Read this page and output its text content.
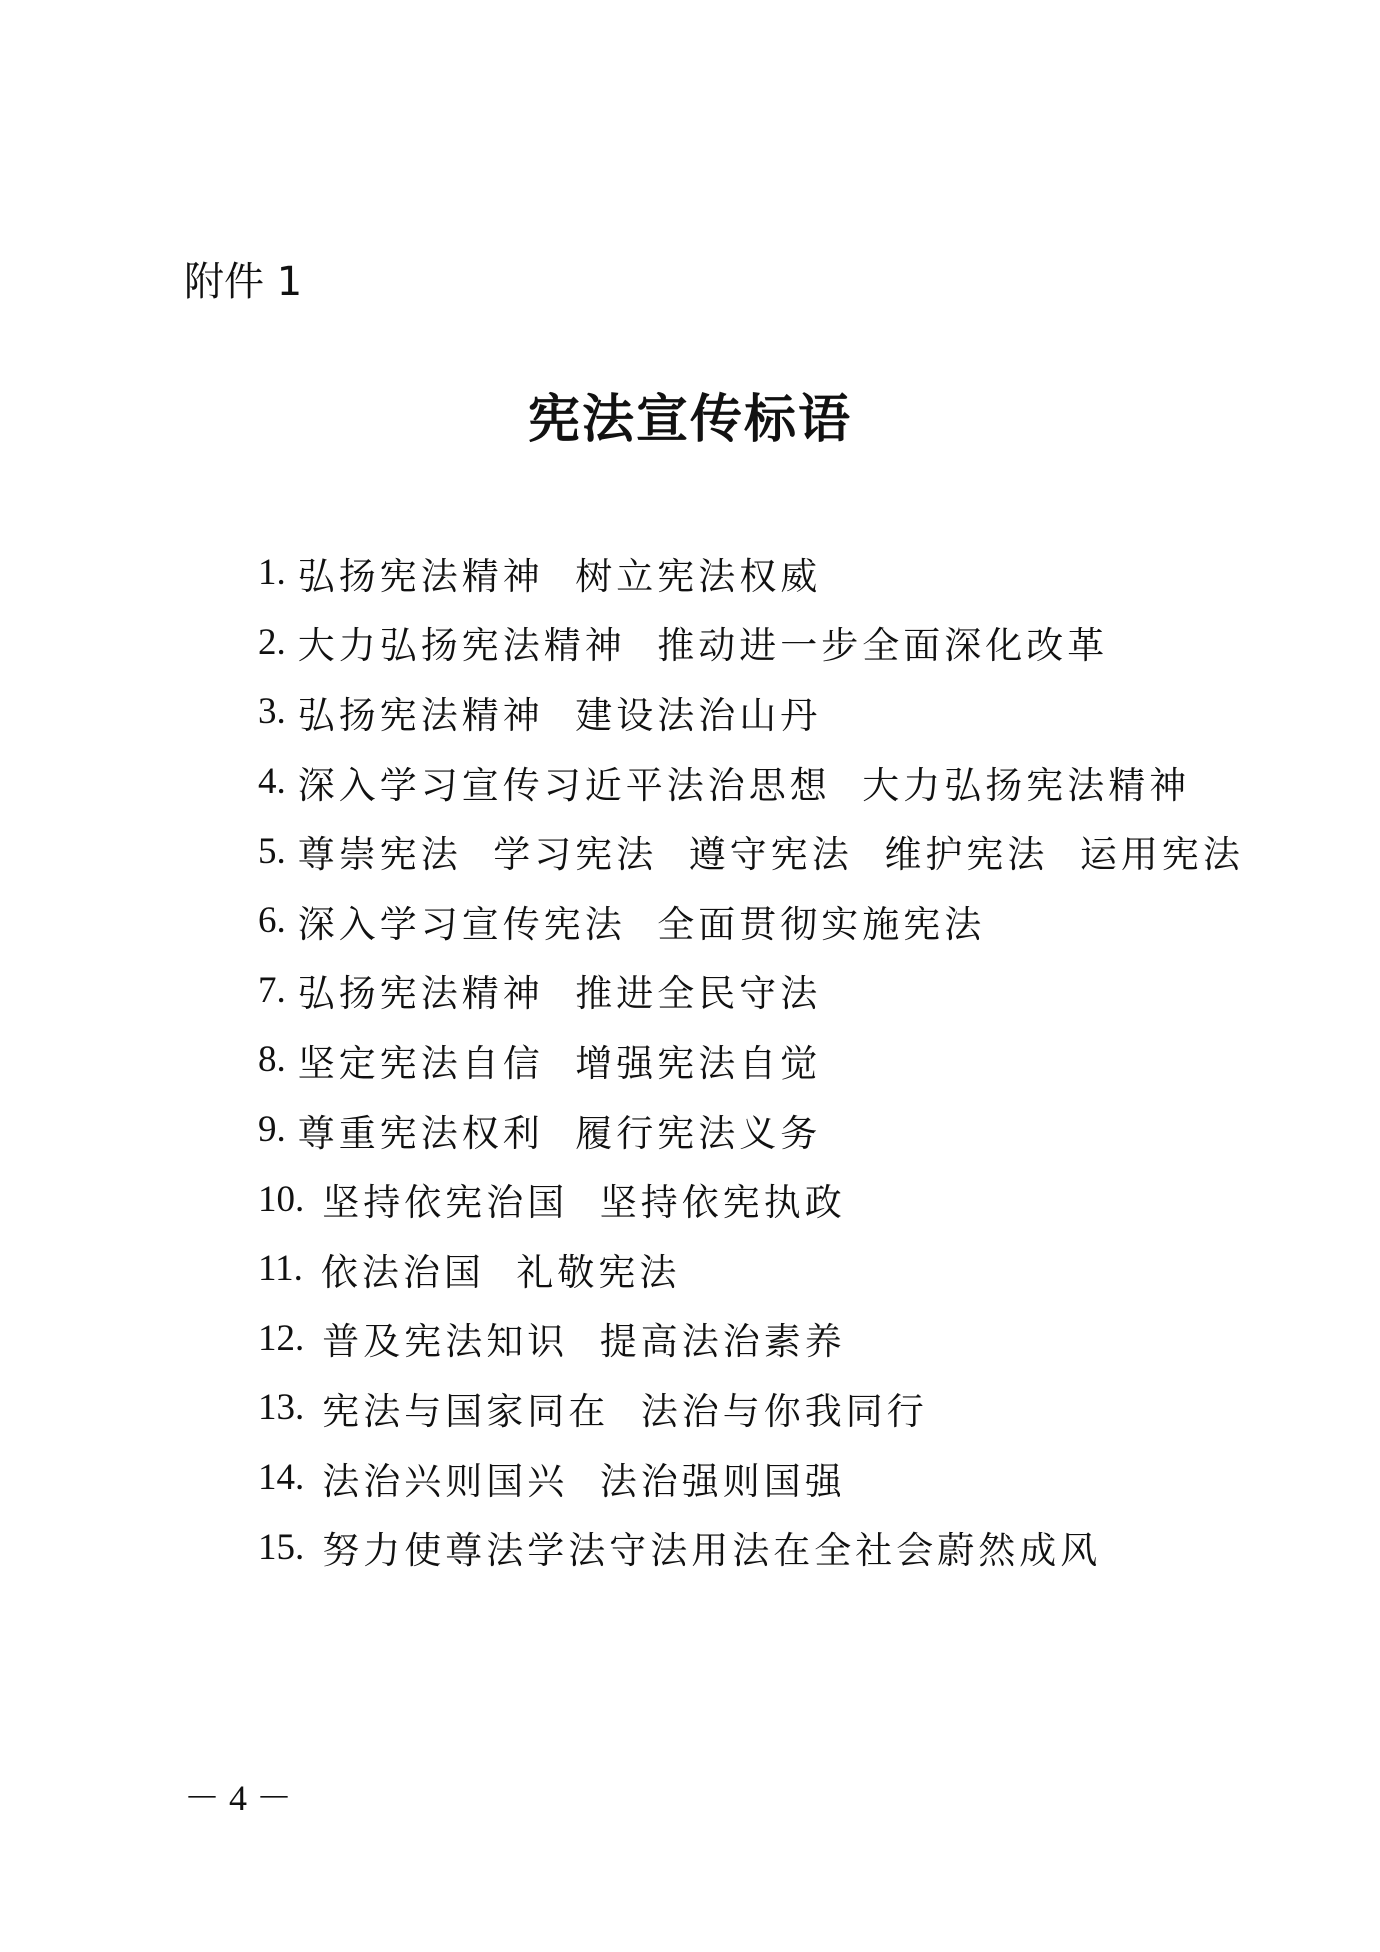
附件 1
宪法宣传标语
1. 弘扬宪法精神  树立宪法权威
2. 大力弘扬宪法精神  推动进一步全面深化改革
3. 弘扬宪法精神  建设法治山丹
4. 深入学习宣传习近平法治思想  大力弘扬宪法精神
5. 尊崇宪法  学习宪法  遵守宪法  维护宪法  运用宪法
6. 深入学习宣传宪法  全面贯彻实施宪法
7. 弘扬宪法精神  推进全民守法
8. 坚定宪法自信  增强宪法自觉
9. 尊重宪法权利  履行宪法义务
10. 坚持依宪治国  坚持依宪执政
11. 依法治国  礼敬宪法
12. 普及宪法知识  提高法治素养
13. 宪法与国家同在  法治与你我同行
14. 法治兴则国兴  法治强则国强
15. 努力使尊法学法守法用法在全社会蔚然成风
－ 4 －
